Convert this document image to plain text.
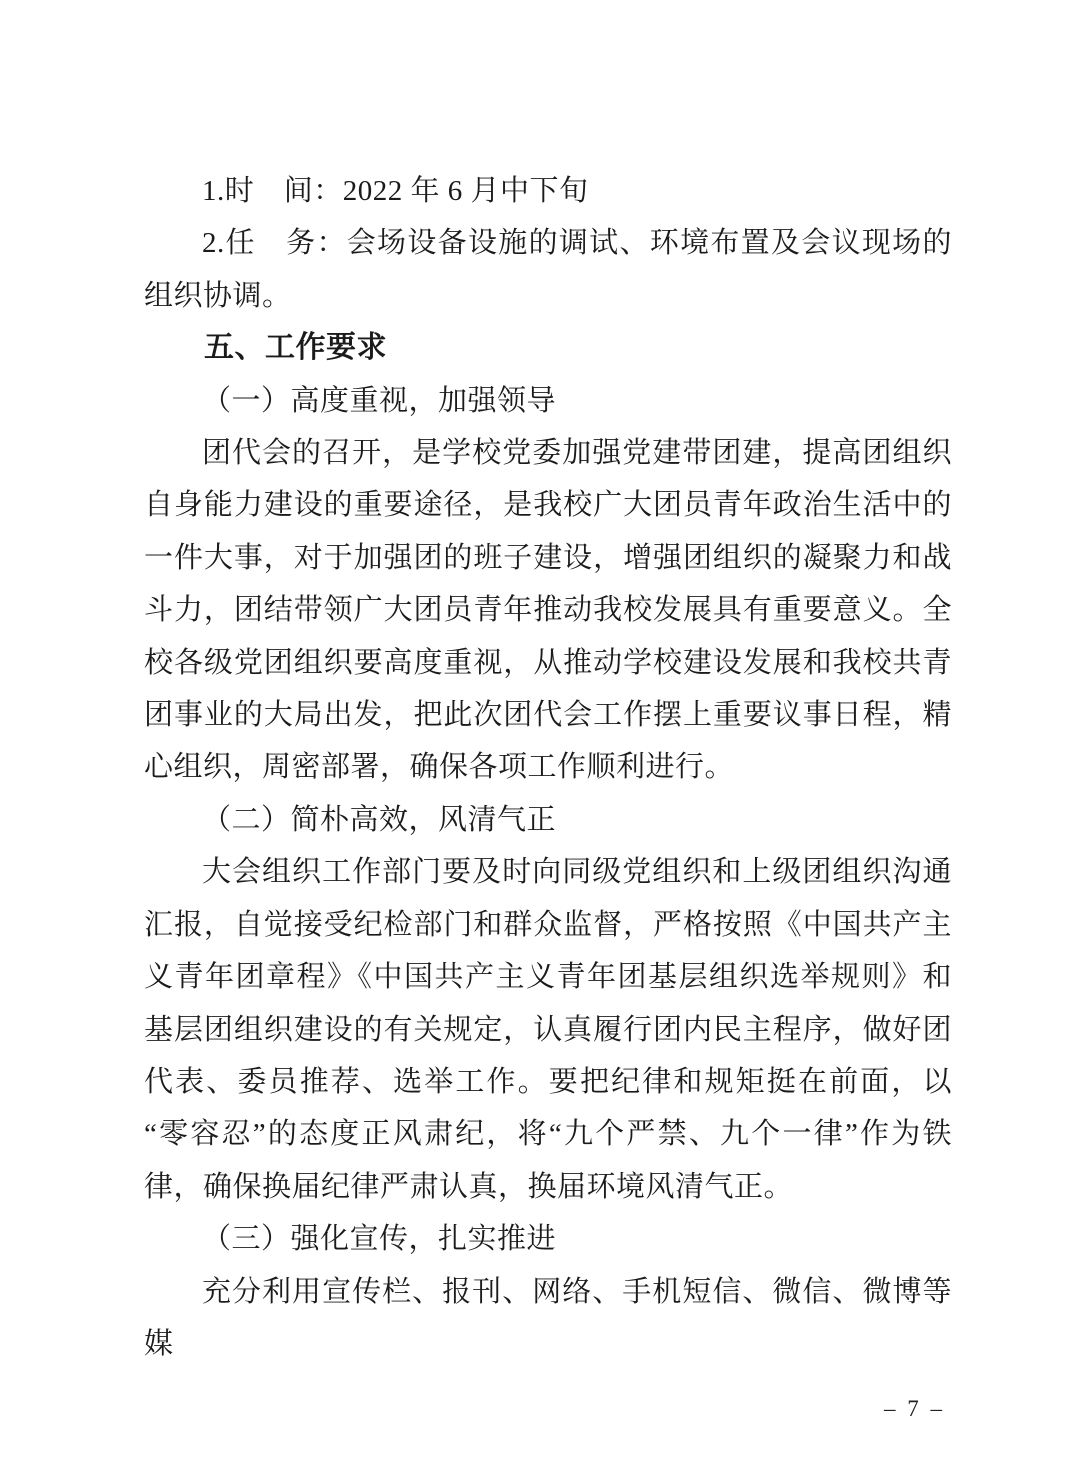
1.时　间：2022 年 6 月中下旬

2.任　务：会场设备设施的调试、环境布置及会议现场的组织协调。

五、工作要求

（一）高度重视，加强领导

团代会的召开，是学校党委加强党建带团建，提高团组织自身能力建设的重要途径，是我校广大团员青年政治生活中的一件大事，对于加强团的班子建设，增强团组织的凝聚力和战斗力，团结带领广大团员青年推动我校发展具有重要意义。全校各级党团组织要高度重视，从推动学校建设发展和我校共青团事业的大局出发，把此次团代会工作摆上重要议事日程，精心组织，周密部署，确保各项工作顺利进行。

（二）简朴高效，风清气正

大会组织工作部门要及时向同级党组织和上级团组织沟通汇报，自觉接受纪检部门和群众监督，严格按照《中国共产主义青年团章程》《中国共产主义青年团基层组织选举规则》和基层团组织建设的有关规定，认真履行团内民主程序，做好团代表、委员推荐、选举工作。要把纪律和规矩挺在前面，以“零容忍”的态度正风肃纪，将“九个严禁、九个一律”作为铁律，确保换届纪律严肃认真，换届环境风清气正。

（三）强化宣传，扎实推进

充分利用宣传栏、报刊、网络、手机短信、微信、微博等媒

– 7 –
